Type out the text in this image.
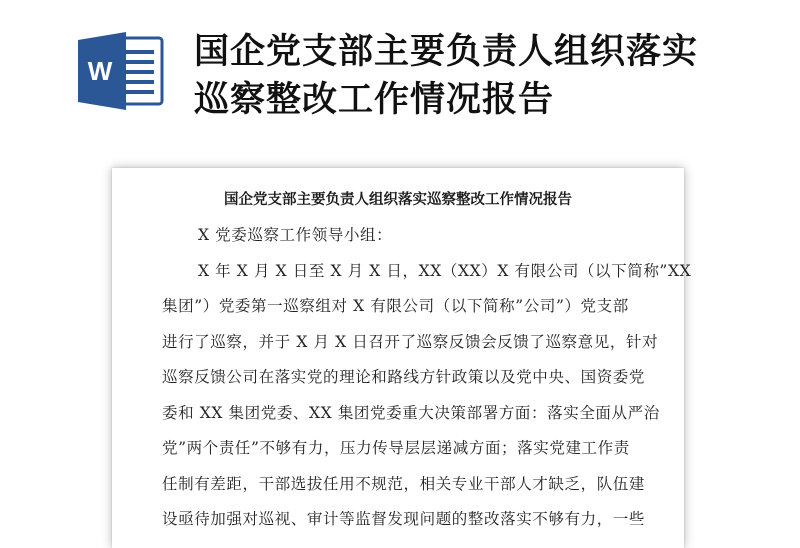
W 国企党支部主要负责人组织落实
巡察整改工作情况报告
国企党支部主要负责人组织落实巡察整改工作情况报告
X 党委巡察工作领导小组：
X 年 X 月 X 日至 X 月 X 日，XX（XX）X 有限公司（以下简称”XX
集团”）党委第一巡察组对 X 有限公司（以下简称”公司”）党支部
进行了巡察，并于 X 月 X 日召开了巡察反馈会反馈了巡察意见，针对
巡察反馈公司在落实党的理论和路线方针政策以及党中央、国资委党
委和 XX 集团党委、XX 集团党委重大决策部署方面：落实全面从严治
党”两个责任”不够有力，压力传导层层递减方面；落实党建工作责
任制有差距，干部选拔任用不规范，相关专业干部人才缺乏，队伍建
设亟待加强对巡视、审计等监督发现问题的整改落实不够有力，一些
